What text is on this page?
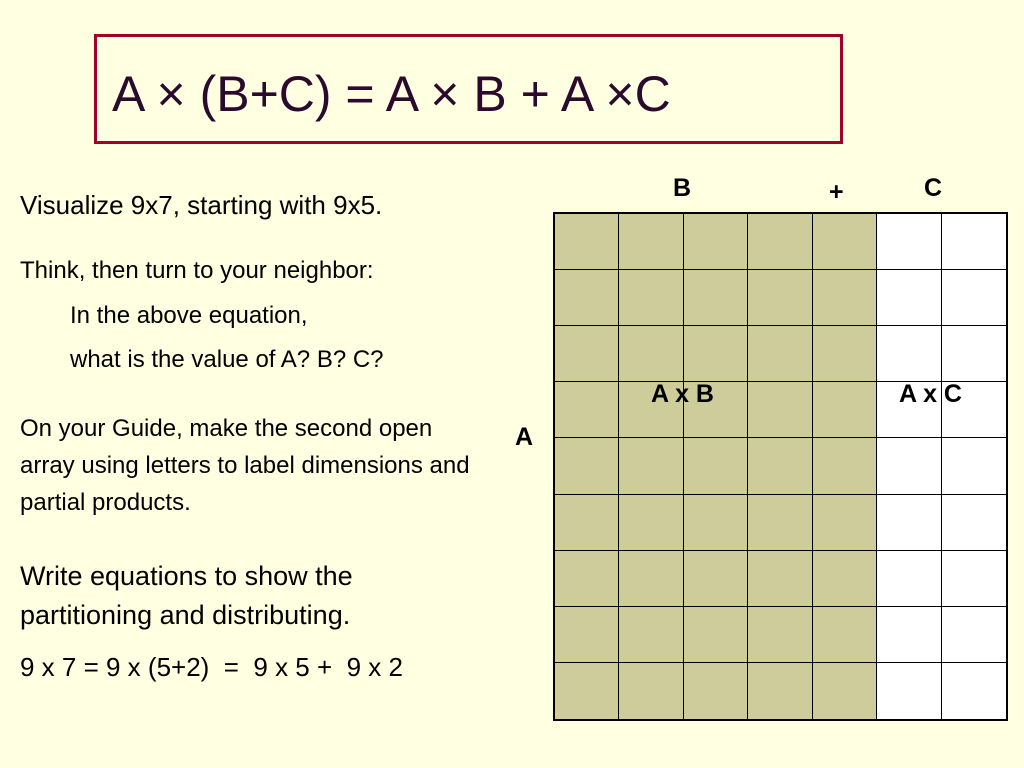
A × (B+C) = A × B + A ×C

Visualize 9x7, starting with 9x5.

Think, then turn to your neighbor:

In the above equation,

what is the value of A? B? C?

On your Guide, make the second open array using letters to label dimensions and partial products.

Write equations to show the partitioning and distributing.

9 x 7 = 9 x (5+2)  =  9 x 5 +  9 x 2

B	+	C
A
A x B	A x C
